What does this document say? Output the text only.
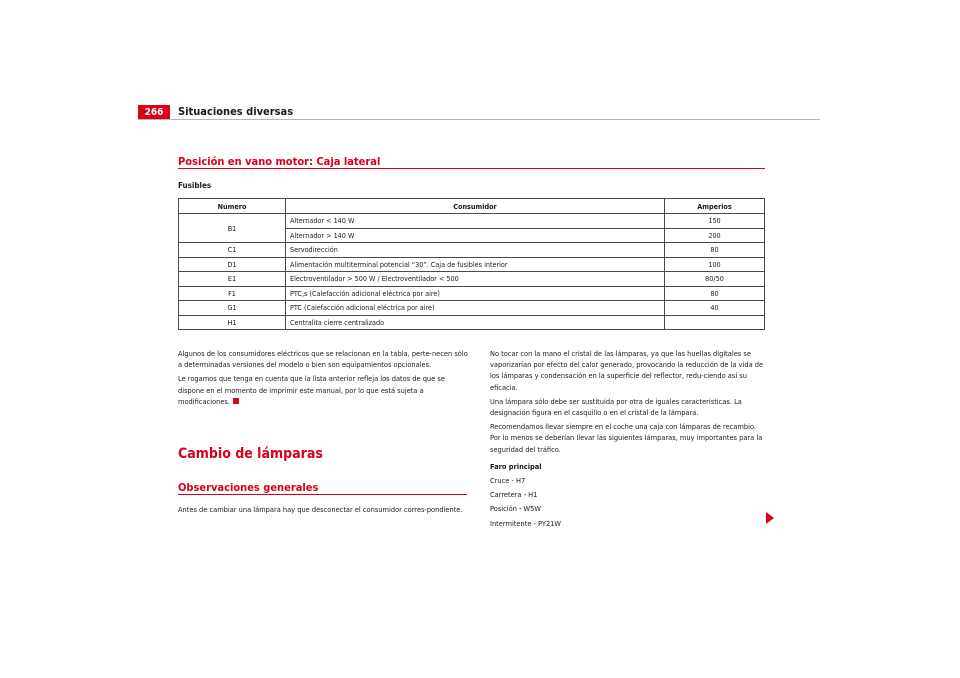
266	Situaciones diversas
Posición en vano motor: Caja lateral
Fusibles
Número	Consumidor	Amperios
B1	Alternador < 140 W	150
	Alternador > 140 W	200
C1	Servodirección	80
D1	Alimentación multiterminal potencial “30”. Caja de fusibles interior	100
E1	Electroventilador > 500 W / Electroventilador < 500	80/50
F1	PTC,s (Calefacción adicional eléctrica por aire)	80
G1	PTC (Calefacción adicional eléctrica por aire)	40
H1	Centralita cierre centralizado	

Algunos de los consumidores eléctricos que se relacionan en la tabla, perte-necen sólo a determinadas versiones del modelo o bien son equipamientos opcionales.

Le rogamos que tenga en cuenta que la lista anterior refleja los datos de que se dispone en el momento de imprimir este manual, por lo que está sujeta a modificaciones.

Cambio de lámparas
Observaciones generales

Antes de cambiar una lámpara hay que desconectar el consumidor corres-pondiente.

No tocar con la mano el cristal de las lámparas, ya que las huellas digitales se vaporizarían por efecto del calor generado, provocando la reducción de la vida de los lámparas y condensación en la superficie del reflector, redu-ciendo así su eficacia.

Una lámpara sólo debe ser sustituida por otra de iguales características. La designación figura en el casquillo o en el cristal de la lámpara.

Recomendamos llevar siempre en el coche una caja con lámparas de recambio. Por lo menos se deberían llevar las siguientes lámparas, muy importantes para la seguridad del tráfico.

Faro principal

Cruce - H7

Carretera - H1

Posición - W5W

Intermitente - PY21W
